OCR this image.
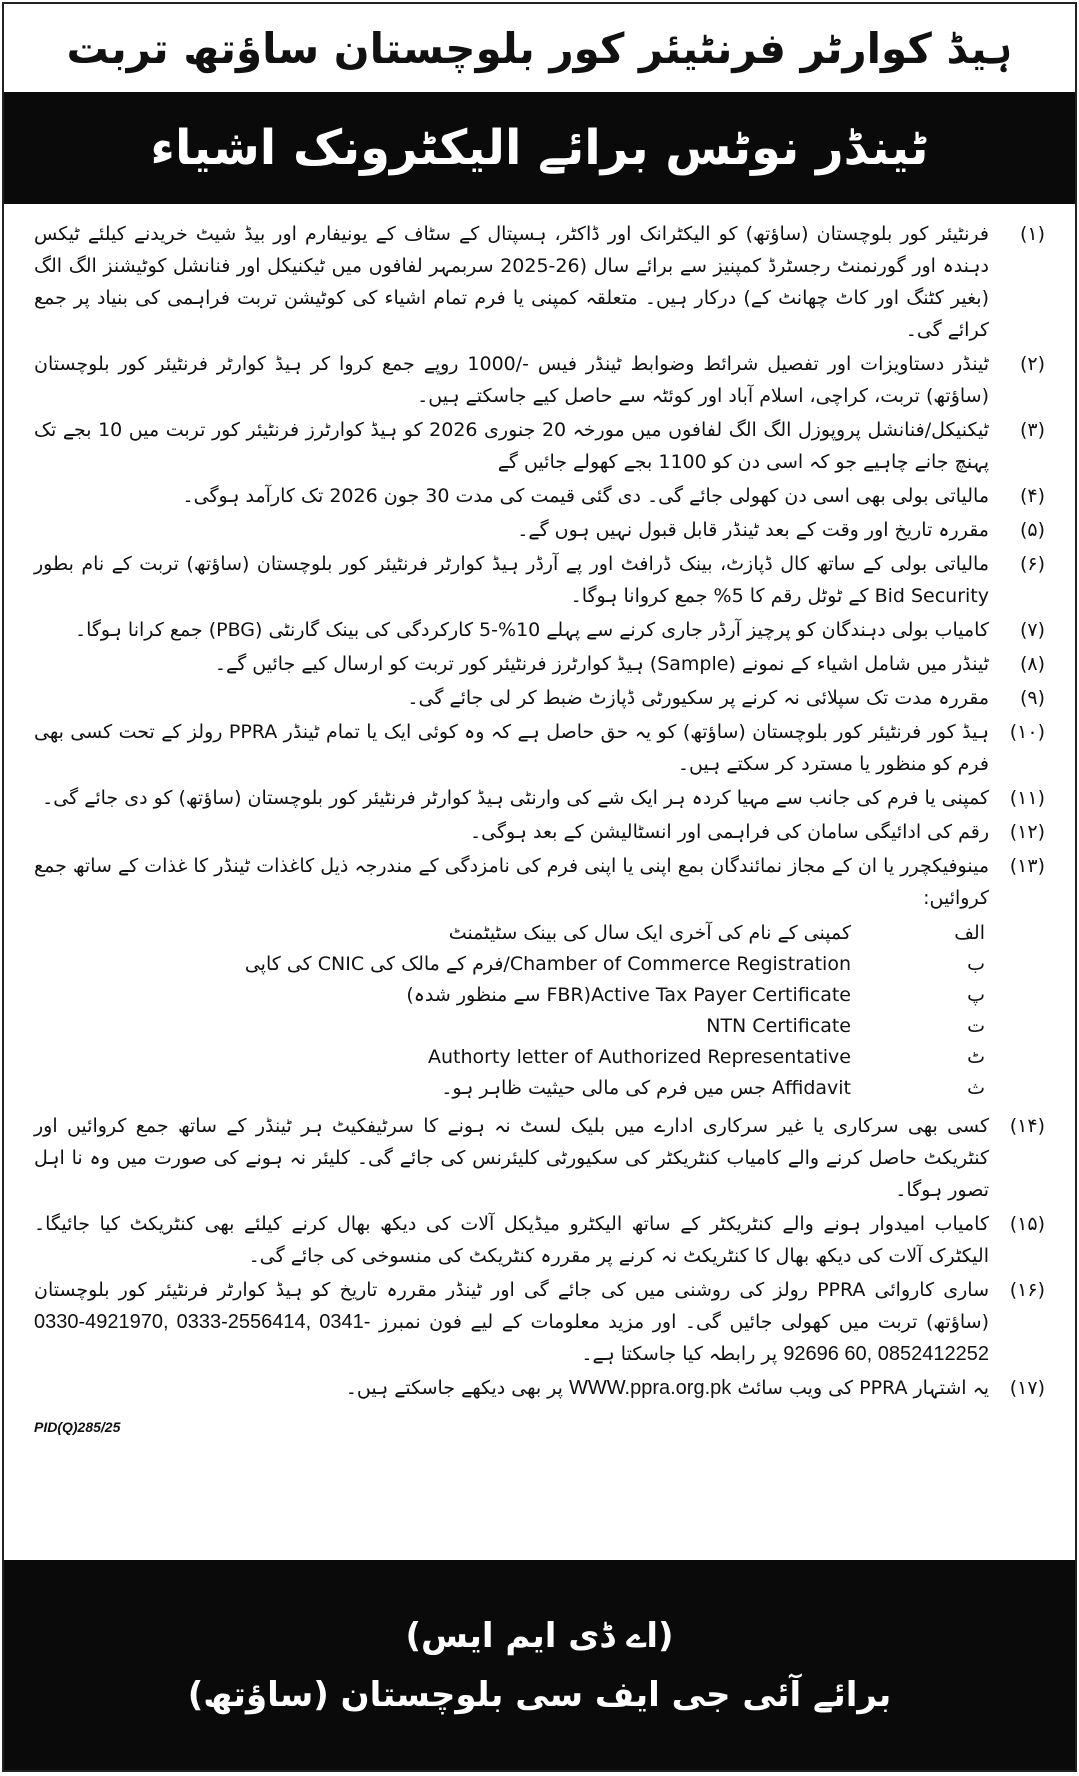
ہیڈ کوارٹر فرنٹیئر کور بلوچستان ساؤتھ تربت
ٹینڈر نوٹس برائے الیکٹرونک اشیاء
(۱)
فرنٹیئر کور بلوچستان (ساؤتھ) کو الیکٹرانک اور ڈاکٹر، ہسپتال کے سٹاف کے یونیفارم اور بیڈ شیٹ خریدنے کیلئے ٹیکس دہندہ اور گورنمنٹ رجسٹرڈ کمپنیز سے برائے سال (26-2025 سربمہر لفافوں میں ٹیکنیکل اور فنانشل کوٹیشنز الگ الگ (بغیر کٹنگ اور کاٹ چھانٹ کے) درکار ہیں۔ متعلقہ کمپنی یا فرم تمام اشیاء کی کوٹیشن تربت فراہمی کی بنیاد پر جمع کرائے گی۔
(۲)
ٹینڈر دستاویزات اور تفصیل شرائط وضوابط ٹینڈر فیس -/1000 روپے جمع کروا کر ہیڈ کوارٹر فرنٹیئر کور بلوچستان (ساؤتھ) تربت، کراچی، اسلام آباد اور کوئٹہ سے حاصل کیے جاسکتے ہیں۔
(۳)
ٹیکنیکل/فنانشل پروپوزل الگ الگ لفافوں میں مورخہ 20 جنوری 2026 کو ہیڈ کوارٹرز فرنٹیئر کور تربت میں 10 بجے تک پہنچ جانے چاہیے جو کہ اسی دن کو 1100 بجے کھولے جائیں گے
(۴)
مالیاتی بولی بھی اسی دن کھولی جائے گی۔ دی گئی قیمت کی مدت 30 جون 2026 تک کارآمد ہوگی۔
(۵)
مقررہ تاریخ اور وقت کے بعد ٹینڈر قابل قبول نہیں ہوں گے۔
(۶)
مالیاتی بولی کے ساتھ کال ڈپازٹ، بینک ڈرافٹ اور پے آرڈر ہیڈ کوارٹر فرنٹیئر کور بلوچستان (ساؤتھ) تربت کے نام بطور Bid Security کے ٹوٹل رقم کا 5% جمع کروانا ہوگا۔
(۷)
کامیاب بولی دہندگان کو پرچیز آرڈر جاری کرنے سے پہلے 10%-5 کارکردگی کی بینک گارنٹی (PBG) جمع کرانا ہوگا۔
(۸)
ٹینڈر میں شامل اشیاء کے نمونے (Sample) ہیڈ کوارٹرز فرنٹیئر کور تربت کو ارسال کیے جائیں گے۔
(۹)
مقررہ مدت تک سپلائی نہ کرنے پر سکیورٹی ڈپازٹ ضبط کر لی جائے گی۔
(۱۰)
ہیڈ کور فرنٹیئر کور بلوچستان (ساؤتھ) کو یہ حق حاصل ہے کہ وہ کوئی ایک یا تمام ٹینڈر PPRA رولز کے تحت کسی بھی فرم کو منظور یا مسترد کر سکتے ہیں۔
(۱۱)
کمپنی یا فرم کی جانب سے مہیا کردہ ہر ایک شے کی وارنٹی ہیڈ کوارٹر فرنٹیئر کور بلوچستان (ساؤتھ) کو دی جائے گی۔
(۱۲)
رقم کی ادائیگی سامان کی فراہمی اور انسٹالیشن کے بعد ہوگی۔
(۱۳)
مینوفیکچرر یا ان کے مجاز نمائندگان بمع اپنی یا اپنی فرم کی نامزدگی کے مندرجہ ذیل کاغذات ٹینڈر کا غذات کے ساتھ جمع کروائیں:
الف
کمپنی کے نام کی آخری ایک سال کی بینک سٹیٹمنٹ
ب
Chamber of Commerce Registration/فرم کے مالک کی CNIC کی کاپی
پ
Active Tax Payer Certificate(FBR سے منظور شدہ)
ت
NTN Certificate
ٹ
Authorty letter of Authorized Representative
ث
Affidavit جس میں فرم کی مالی حیثیت ظاہر ہو۔
(۱۴)
کسی بھی سرکاری یا غیر سرکاری ادارے میں بلیک لسٹ نہ ہونے کا سرٹیفکیٹ ہر ٹینڈر کے ساتھ جمع کروائیں اور کنٹریکٹ حاصل کرنے والے کامیاب کنٹریکٹر کی سکیورٹی کلیئرنس کی جائے گی۔ کلیئر نہ ہونے کی صورت میں وہ نا اہل تصور ہوگا۔
(۱۵)
کامیاب امیدوار ہونے والے کنٹریکٹر کے ساتھ الیکٹرو میڈیکل آلات کی دیکھ بھال کرنے کیلئے بھی کنٹریکٹ کیا جائیگا۔ الیکٹرک آلات کی دیکھ بھال کا کنٹریکٹ نہ کرنے پر مقررہ کنٹریکٹ کی منسوخی کی جائے گی۔
(۱۶)
ساری کاروائی PPRA رولز کی روشنی میں کی جائے گی اور ٹینڈر مقررہ تاریخ کو ہیڈ کوارٹر فرنٹیئر کور بلوچستان (ساؤتھ) تربت میں کھولی جائیں گی۔ اور مزید معلومات کے لیے فون نمبرز 0330-4921970, 0333-2556414, 0341-92696 60, 0852412252 پر رابطہ کیا جاسکتا ہے۔
(۱۷)
یہ اشتہار PPRA کی ویب سائٹ WWW.ppra.org.pk پر بھی دیکھے جاسکتے ہیں۔
PID(Q)285/25
(اے ڈی ایم ایس)
برائے آئی جی ایف سی بلوچستان (ساؤتھ)
